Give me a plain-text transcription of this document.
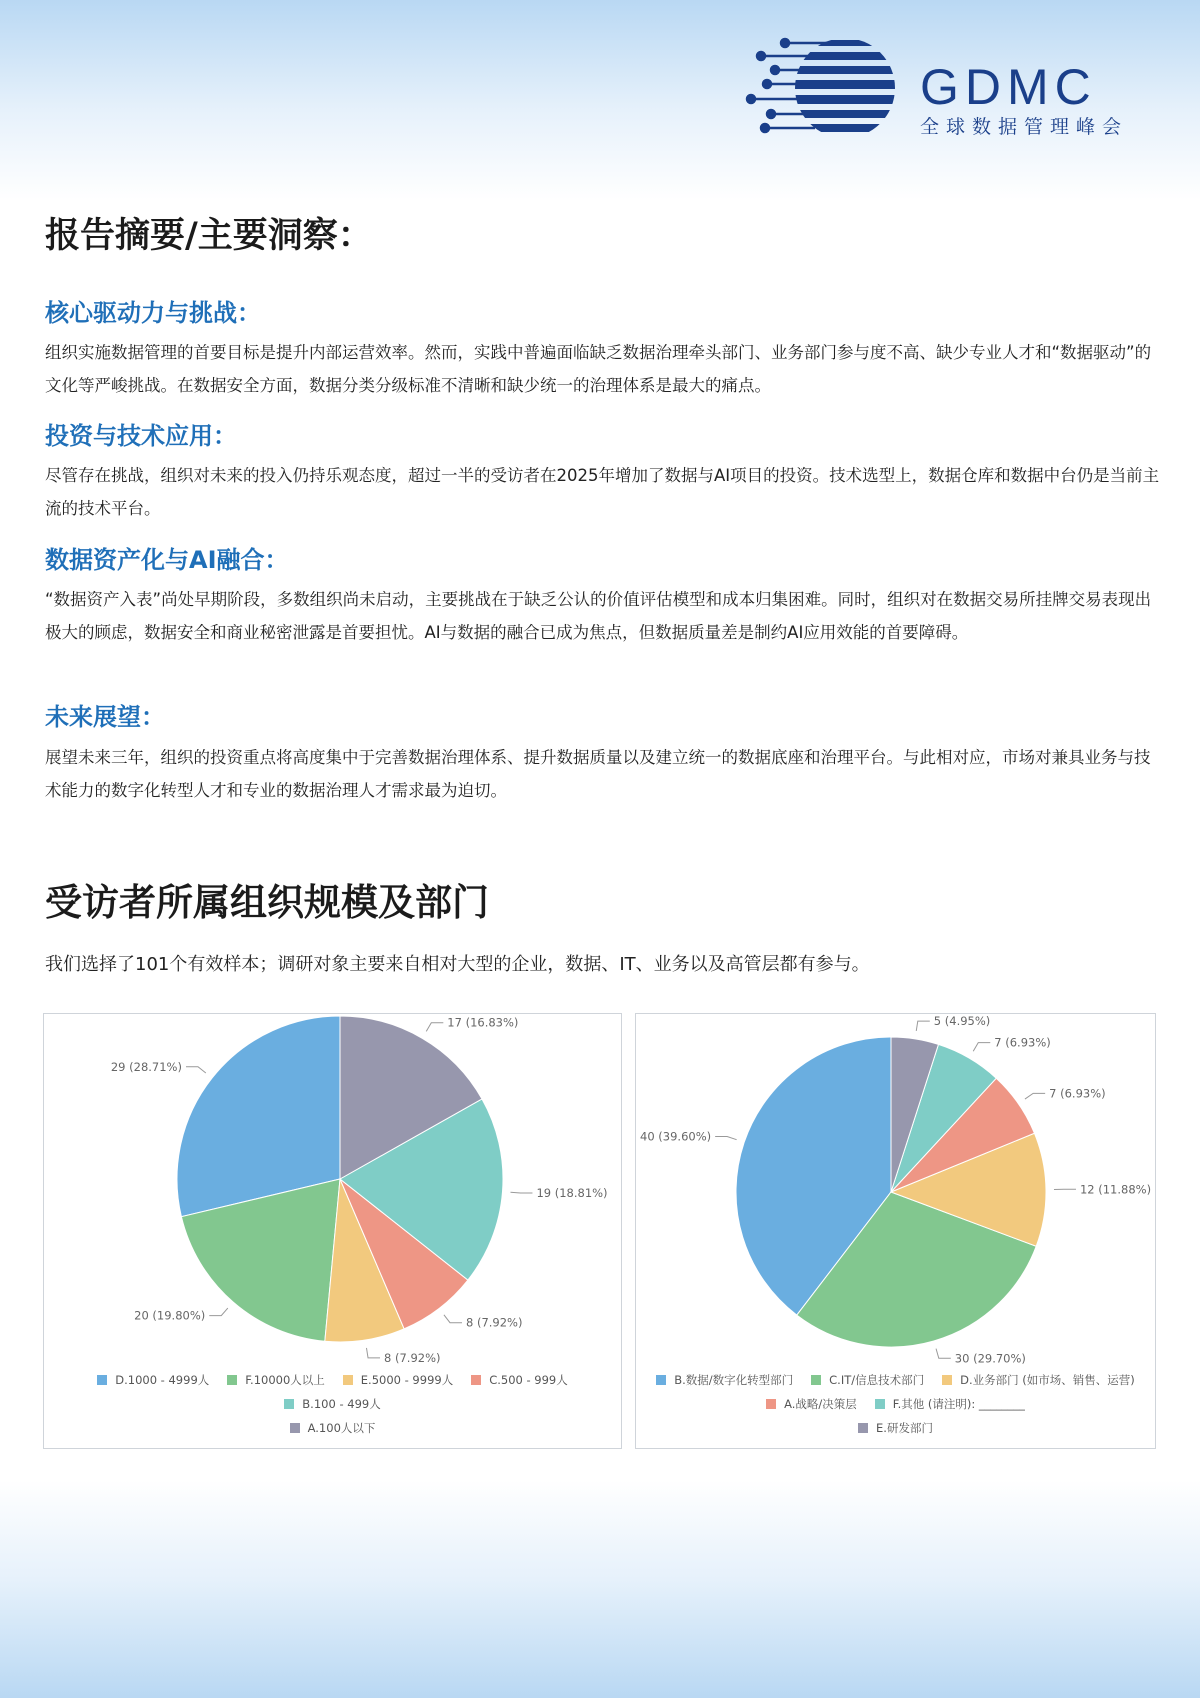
GDMC
全球数据管理峰会
报告摘要/主要洞察：
核心驱动力与挑战：

组织实施数据管理的首要目标是提升内部运营效率。然而，实践中普遍面临缺乏数据治理牵头部门、业务部门参与度不高、缺少专业人才和“数据驱动”的文化等严峻挑战。在数据安全方面，数据分类分级标准不清晰和缺少统一的治理体系是最大的痛点。

投资与技术应用：

尽管存在挑战，组织对未来的投入仍持乐观态度，超过一半的受访者在2025年增加了数据与AI项目的投资。技术选型上，数据仓库和数据中台仍是当前主流的技术平台。

数据资产化与AI融合：

“数据资产入表”尚处早期阶段，多数组织尚未启动，主要挑战在于缺乏公认的价值评估模型和成本归集困难。同时，组织对在数据交易所挂牌交易表现出极大的顾虑，数据安全和商业秘密泄露是首要担忧。AI与数据的融合已成为焦点，但数据质量差是制约AI应用效能的首要障碍。

未来展望：

展望未来三年，组织的投资重点将高度集中于完善数据治理体系、提升数据质量以及建立统一的数据底座和治理平台。与此相对应，市场对兼具业务与技术能力的数字化转型人才和专业的数据治理人才需求最为迫切。

受访者所属组织规模及部门

我们选择了101个有效样本；调研对象主要来自相对大型的企业，数据、IT、业务以及高管层都有参与。

29 (28.71%)
20 (19.80%)
8 (7.92%)
8 (7.92%)
19 (18.81%)
17 (16.83%)
D.1000 - 4999人	F.10000人以上	E.5000 - 9999人	C.500 - 999人B.100 - 499人
A.100人以下
40 (39.60%)
30 (29.70%)
12 (11.88%)
7 (6.93%)
7 (6.93%)
5 (4.95%)
B.数据/数字化转型部门	C.IT/信息技术部门	D.业务部门 (如市场、销售、运营)A.战略/决策层	F.其他 (请注明): ________
E.研发部门
